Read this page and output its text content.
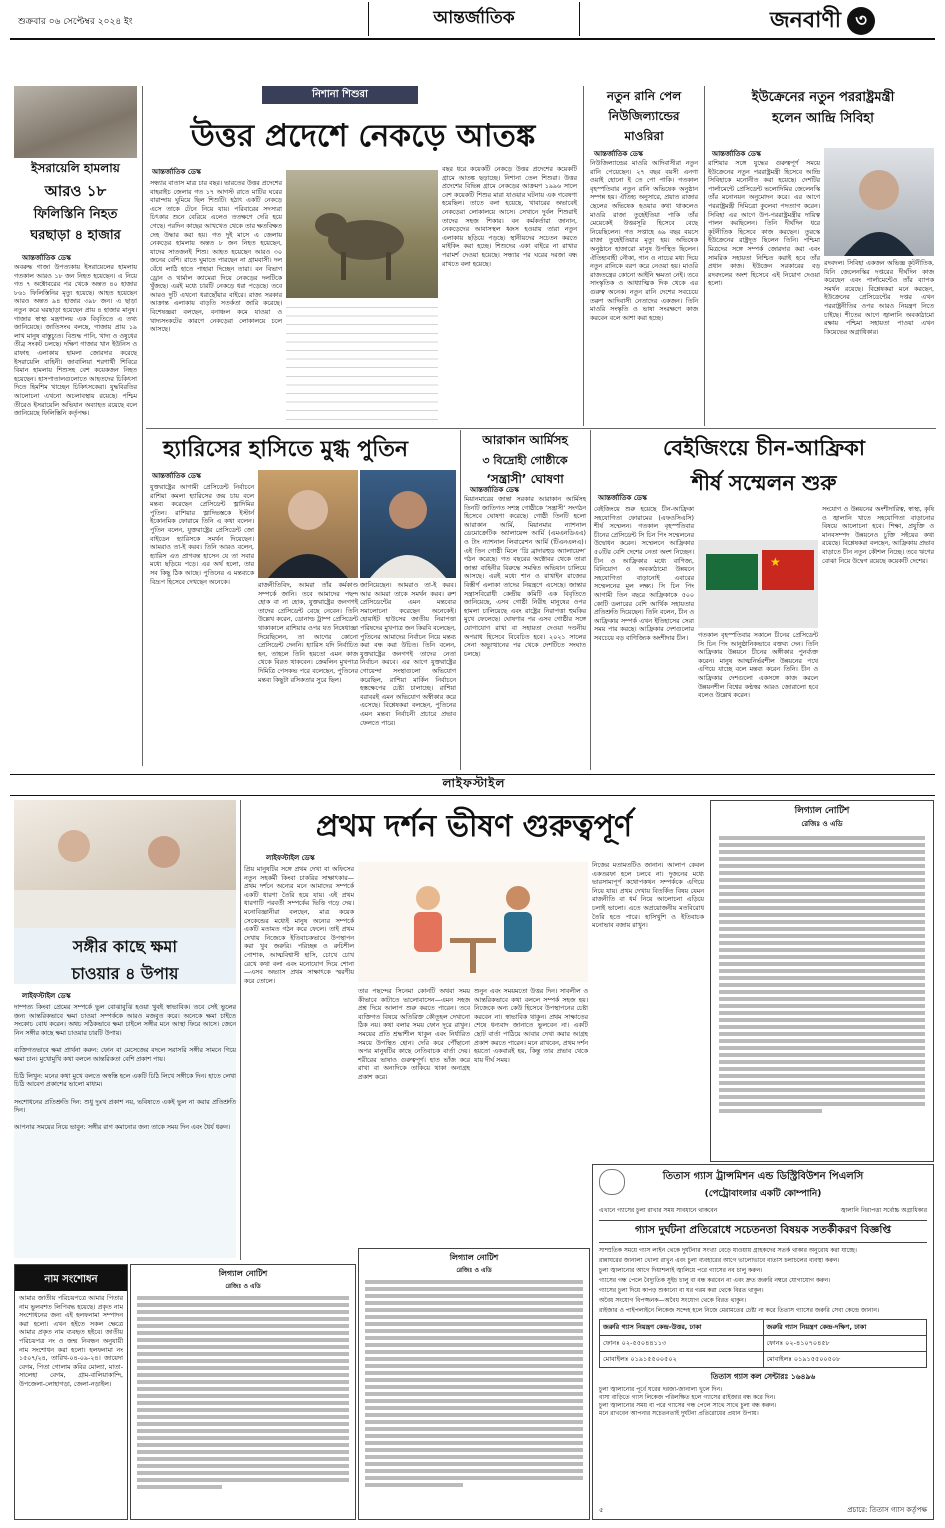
শুক্রবার ০৬ সেপ্টেম্বর ২০২৪ ইং	আন্তর্জাতিক	জনবাণী ৩
ইসরায়েলি হামলায়
আরও ১৮
ফিলিস্তিনি নিহত
ঘরছাড়া ৪ হাজার
আন্তর্জাতিক ডেস্ক
অবরুদ্ধ গাজা উপত্যকায় ইসরায়েলের হামলায় গতকাল আরও ১৮ জন নিহত হয়েছেন। এ নিয়ে গত ৭ অক্টোবরের পর থেকে অন্তত ৪০ হাজার ৮৬১ ফিলিস্তিনির মৃত্যু হয়েছে। আহত হয়েছেন আরও অন্তত ৯৪ হাজার ৩৯৮ জন। এ ছাড়া নতুন করে ঘরছাড়া হয়েছেন প্রায় ৪ হাজার মানুষ। গাজার স্বাস্থ্য মন্ত্রণালয় এক বিবৃতিতে এ তথ্য জানিয়েছে। জাতিসংঘ বলছে, গাজায় প্রায় ১৯ লাখ মানুষ বাস্তুচ্যুত। বিশুদ্ধ পানি, খাদ্য ও ওষুধের তীব্র সংকট চলছে। দক্ষিণ গাজার খান ইউনিস ও রাফাহ এলাকায় হামলা জোরদার করেছে ইসরায়েলি বাহিনী। জাবালিয়া শরণার্থী শিবিরে বিমান হামলায় শিশুসহ বেশ কয়েকজন নিহত হয়েছেন। হাসপাতালগুলোতে আহতদের চিকিৎসা দিতে হিমশিম খাচ্ছেন চিকিৎসকেরা। যুদ্ধবিরতির আলোচনা এখনো অচলাবস্থায় রয়েছে। পশ্চিম তীরেও ইসরায়েলি অভিযান অব্যাহত রয়েছে বলে জানিয়েছে ফিলিস্তিনি কর্তৃপক্ষ।
নিশানা শিশুরা
উত্তর প্রদেশে নেকড়ে আতঙ্ক
আন্তর্জাতিক ডেস্ক
সন্ধ্যার বাতাস মাত্র চার বছর। ভারতের উত্তর প্রদেশের বাহরাইচ জেলার গত ১৭ আগস্ট রাতে মাটির ঘরের বারান্দায় ঘুমিয়ে ছিল শিশুটি। হঠাৎ একটি নেকড়ে এসে তাকে টেনে নিয়ে যায়। পরিবারের সদস্যরা চিৎকার শুনে বেরিয়ে এলেও ততক্ষণে দেরি হয়ে গেছে। পরদিন কাছের আখখেত থেকে তার ক্ষতবিক্ষত দেহ উদ্ধার করা হয়। গত দুই মাসে এ জেলায় নেকড়ের হামলায় অন্তত ৮ জন নিহত হয়েছেন, যাদের সাতজনই শিশু। আহত হয়েছেন আরও ৩০ জনের বেশি। রাতে ঘুমাতে পারছেন না গ্রামবাসী। দল বেঁধে লাঠি হাতে পাহারা দিচ্ছেন তারা। বন বিভাগ ড্রোন ও থার্মাল ক্যামেরা দিয়ে নেকড়ের দলটিকে খুঁজছে। এরই মধ্যে চারটি নেকড়ে ধরা পড়েছে। তবে আরও দুটি এখনো ধরাছোঁয়ার বাইরে। রাজ্য সরকার আক্রান্ত এলাকায় বাড়তি সতর্কতা জারি করেছে। বিশেষজ্ঞরা বলছেন, বনাঞ্চল কমে যাওয়া ও খাদ্যসংকটের কারণে নেকড়েরা লোকালয়ে চলে আসছে।
বছর ধরে কয়েকটি নেকড়ে উত্তর প্রদেশের কয়েকটি গ্রামে আতঙ্ক ছড়াচ্ছে। নিশানা তেল শিশুরা। উত্তর প্রদেশের বিভিন্ন গ্রামে নেকড়ের আক্রমণ ১৯৯৬ সালে বেশ কয়েকটি শিশুর মারা যাওয়ার ঘটনায় এক গবেষণা হয়েছিল। তাতে বলা হয়েছে, খাবারের অভাবেই নেকড়েরা লোকালয়ে আসে। সেখানে দুর্বল শিশুরাই তাদের সহজ শিকার। বন কর্মকর্তারা জানান, নেকড়েদের আবাসস্থল ধ্বংস হওয়ায় তারা নতুন এলাকায় ছড়িয়ে পড়ছে। স্থানীয়দের সচেতন করতে মাইকিং করা হচ্ছে। শিশুদের একা বাইরে না রাখার পরামর্শ দেওয়া হয়েছে। সন্ধ্যার পর ঘরের দরজা বন্ধ রাখতে বলা হয়েছে।
নতুন রানি পেল
নিউজিল্যান্ডের
মাওরিরা
আন্তর্জাতিক ডেস্ক
নিউজিল্যান্ডের মাওরি আদিবাসীরা নতুন রানি পেয়েছেন। ২৭ বছর বয়সী এনগা ওয়াই হোনো ই তে পো পাকি। গতকাল বৃহস্পতিবার নতুন রানি অভিষেক অনুষ্ঠান সম্পন্ন হয়। ঐতিহ্য অনুসারে, প্রয়াত রাজার ছেলের অভিষেক হওয়ার কথা থাকলেও মাওরি রাজা তুহেইতিয়া পাকি তাঁর মেয়েকেই উত্তরসূরি হিসেবে বেছে নিয়েছিলেন। গত সপ্তাহে ৬৯ বছর বয়সে রাজা তুহেইতিয়ার মৃত্যু হয়। অভিষেক অনুষ্ঠানে হাজারো মানুষ উপস্থিত ছিলেন। ঐতিহ্যবাহী নৌকা, গান ও নাচের মধ্য দিয়ে নতুন রানিকে বরণ করে নেওয়া হয়। মাওরি রাজতন্ত্রের কোনো আইনি ক্ষমতা নেই। তবে সাংস্কৃতিক ও আধ্যাত্মিক দিক থেকে এর গুরুত্ব অনেক। নতুন রানি দেশের সবচেয়ে তরুণ আদিবাসী নেতাদের একজন। তিনি মাওরি সংস্কৃতি ও ভাষা সংরক্ষণে কাজ করবেন বলে আশা করা হচ্ছে।
ইউক্রেনের নতুন পররাষ্ট্রমন্ত্রী
হলেন আন্দ্রি সিবিহা
আন্তর্জাতিক ডেস্ক
রাশিয়ার সঙ্গে যুদ্ধের গুরুত্বপূর্ণ সময়ে ইউক্রেনের নতুন পররাষ্ট্রমন্ত্রী হিসেবে আন্দ্রি সিবিহাকে মনোনীত করা হয়েছে। দেশটির পার্লামেন্টে প্রেসিডেন্ট ভলোদিমির জেলেনস্কি তাঁর মনোনয়ন অনুমোদন করে। এর আগে পররাষ্ট্রমন্ত্রী দিমিত্রো কুলেবা পদত্যাগ করেন। সিবিহা এর আগে উপ-পররাষ্ট্রমন্ত্রীর দায়িত্ব পালন করছিলেন। তিনি দীর্ঘদিন ধরে কূটনীতিক হিসেবে কাজ করছেন। তুরস্কে ইউক্রেনের রাষ্ট্রদূত ছিলেন তিনি। পশ্চিমা মিত্রদের সঙ্গে সম্পর্ক জোরদার করা এবং সামরিক সহায়তা নিশ্চিত করাই হবে তাঁর প্রধান কাজ। ইউক্রেন সরকারের বড় রদবদলের অংশ হিসেবে এই নিয়োগ দেওয়া হলো।
রদবদল। সিবিহা একজন অভিজ্ঞ কূটনীতিক, যিনি জেলেনস্কির দপ্তরের দীর্ঘদিন কাজ করেছেন এবং পার্লামেন্টেও তাঁর ব্যাপক সমর্থন রয়েছে। বিশ্লেষকরা মনে করছেন, ইউক্রেনের প্রেসিডেন্টের দপ্তর এখন পররাষ্ট্রনীতির ওপর আরও নিয়ন্ত্রণ নিতে চাইছে। শীতের আগে জ্বালানি অবকাঠামো রক্ষায় পশ্চিমা সহায়তা পাওয়া এখন কিয়েভের অগ্রাধিকার।
হ্যারিসের হাসিতে মুগ্ধ পুতিন
আন্তর্জাতিক ডেস্ক
যুক্তরাষ্ট্রের আগামী প্রেসিডেন্ট নির্বাচনে রাশিয়া কমলা হ্যারিসের জয় চায় বলে মন্তব্য করেছেন প্রেসিডেন্ট ভ্লাদিমির পুতিন। রাশিয়ার ভ্লাদিভস্তকে ইস্টার্ন ইকোনমিক ফোরামে তিনি এ কথা বলেন। পুতিন বলেন, যুক্তরাষ্ট্রের প্রেসিডেন্ট জো বাইডেন হ্যারিসকে সমর্থন দিয়েছেন। আমরাও তা-ই করব। তিনি আরও বলেন, হ্যারিস এত প্রাণবন্ত হাসেন যে তা সবার মধ্যে ছড়িয়ে পড়ে। এর অর্থ হলো, তার সব কিছু ঠিক আছে। পুতিনের এ মন্তব্যকে বিদ্রূপ হিসেবে দেখছেন অনেকে।	রাজনীতিবিদ, আমরা তাঁর কর্মকাণ্ড সম্পর্কে জানি। তবে আমাদের পছন্দ হোক বা না হোক, যুক্তরাষ্ট্রের জনগণই তাদের প্রেসিডেন্ট বেছে নেবেন। তিনি উল্লেখ করেন, ডোনাল্ড ট্রাম্প প্রেসিডেন্ট থাকাকালে রাশিয়ার ওপর যত নিষেধাজ্ঞা দিয়েছিলেন, তা আগের কোনো প্রেসিডেন্ট দেননি। হ্যারিস যদি নির্বাচিত হন, তাহলে তিনি হয়তো এমন কাজ থেকে বিরত থাকবেন। ক্রেমলিন মুখপাত্র দিমিত্রি পেসকভ পরে বলেছেন, পুতিনের মন্তব্য কিছুটা রসিকতার সুরে ছিল।
জানিয়েছেন। আমরাও তা-ই করব। আর আমরা তাকে সমর্থন করব। রুশ প্রেসিডেন্টের এমন মন্তব্যের সমালোচনা করেছেন অনেকেই। হোয়াইট হাউসের জাতীয় নিরাপত্তা পরিষদের মুখপাত্র জন কিরবি বলেছেন, পুতিনের আমাদের নির্বাচন নিয়ে মন্তব্য করা বন্ধ করা উচিত। তিনি বলেন, যুক্তরাষ্ট্রের জনগণই তাদের নেতা নির্বাচন করবে। এর আগে যুক্তরাষ্ট্রের গোয়েন্দা সংস্থাগুলো অভিযোগ করেছিল, রাশিয়া মার্কিন নির্বাচনে হস্তক্ষেপের চেষ্টা চালাচ্ছে। রাশিয়া বরাবরই এমন অভিযোগ অস্বীকার করে এসেছে। বিশ্লেষকরা বলছেন, পুতিনের এমন মন্তব্য নির্বাচনী প্রচারে প্রভাব ফেলতে পারে।
আরাকান আর্মিসহ
৩ বিদ্রোহী গোষ্ঠীকে
‘সন্ত্রাসী’ ঘোষণা
আন্তর্জাতিক ডেস্ক
মিয়ানমারের জান্তা সরকার আরাকান আর্মিসহ তিনটি জাতিগত সশস্ত্র গোষ্ঠীকে ‘সন্ত্রাসী’ সংগঠন হিসেবে ঘোষণা করেছে। গোষ্ঠী তিনটি হলো আরাকান আর্মি, মিয়ানমার ন্যাশনাল ডেমোক্রেটিক অ্যালায়েন্স আর্মি (এমএনডিএএ) ও টাং ন্যাশনাল লিবারেশন আর্মি (টিএনএলএ)। এই তিন গোষ্ঠী মিলে ‘থ্রি ব্রাদারহুড অ্যালায়েন্স’ গঠন করেছে। গত বছরের অক্টোবর থেকে তারা জান্তা বাহিনীর বিরুদ্ধে সমন্বিত অভিযান চালিয়ে আসছে। এরই মধ্যে শান ও রাখাইন রাজ্যের বিস্তীর্ণ এলাকা তাদের নিয়ন্ত্রণে এসেছে। জান্তার সন্ত্রাসবিরোধী কেন্দ্রীয় কমিটি এক বিবৃতিতে জানিয়েছে, এসব গোষ্ঠী নিরীহ মানুষের ওপর হামলা চালিয়েছে এবং রাষ্ট্রের নিরাপত্তা হুমকির মুখে ফেলেছে। ঘোষণার পর এসব গোষ্ঠীর সঙ্গে যোগাযোগ রাখা বা সহায়তা দেওয়া দণ্ডনীয় অপরাধ হিসেবে বিবেচিত হবে। ২০২১ সালের সেনা অভ্যুত্থানের পর থেকে দেশটিতে সংঘাত চলছে।
বেইজিংয়ে চীন-আফ্রিকা
শীর্ষ সম্মেলন শুরু
আন্তর্জাতিক ডেস্ক
বেইজিংয়ে শুরু হয়েছে চীন-আফ্রিকা সহযোগিতা ফোরামের (এফওসিএসি) শীর্ষ সম্মেলন। গতকাল বৃহস্পতিবার চীনের প্রেসিডেন্ট সি চিন পিং সম্মেলনের উদ্বোধন করেন। সম্মেলনে আফ্রিকার ৫০টির বেশি দেশের নেতা অংশ নিচ্ছেন। চীন ও আফ্রিকার মধ্যে বাণিজ্য, বিনিয়োগ ও অবকাঠামো উন্নয়নে সহযোগিতা বাড়ানোই এবারের সম্মেলনের মূল লক্ষ্য। সি চিন পিং আগামী তিন বছরে আফ্রিকাকে ৫০০ কোটি ডলারের বেশি আর্থিক সহায়তার প্রতিশ্রুতি দিয়েছেন। তিনি বলেন, চীন ও আফ্রিকার সম্পর্ক এখন ইতিহাসের সেরা সময় পার করছে। আফ্রিকার দেশগুলোর সবচেয়ে বড় বাণিজ্যিক অংশীদার চীন।
★
গতকাল বৃহস্পতিবার সকালে চীনের প্রেসিডেন্ট সি চিন পিং আনুষ্ঠানিকভাবে বক্তব্য দেন। তিনি আফ্রিকার উন্নয়নে চীনের অঙ্গীকার পুনর্ব্যক্ত করেন। মানুষ আত্মনির্ভরশীল উন্নয়নের পথে এগিয়ে যাচ্ছে বলে মন্তব্য করেন তিনি। চীন ও আফ্রিকার দেশগুলো একসঙ্গে কাজ করলে উন্নয়নশীল বিশ্বের কণ্ঠস্বর আরও জোরালো হবে বলেও উল্লেখ করেন।
সংযোগ ও উন্নয়নের অংশীদারিত্ব, স্বাস্থ্য, কৃষি ও জ্বালানি খাতে সহযোগিতা বাড়ানোর বিষয়ে আলোচনা হবে। শিক্ষা, প্রযুক্তি ও মানবসম্পদ উন্নয়নেও চুক্তি সইয়ের কথা রয়েছে। বিশ্লেষকরা বলছেন, আফ্রিকায় প্রভাব বাড়াতে চীন নতুন কৌশল নিচ্ছে। তবে ঋণের বোঝা নিয়ে উদ্বেগ রয়েছে কয়েকটি দেশের।
লাইফস্টাইল
সঙ্গীর কাছে ক্ষমা
চাওয়ার ৪ উপায়
লাইফস্টাইল ডেস্ক
দাম্পত্য কিংবা প্রেমের সম্পর্কে ভুল বোঝাবুঝি হওয়া খুবই স্বাভাবিক। তবে সেই ভুলের জন্য আন্তরিকভাবে ক্ষমা চাওয়া সম্পর্ককে আরও মজবুত করে। অনেকে ক্ষমা চাইতে সংকোচ বোধ করেন। অথচ সঠিকভাবে ক্ষমা চাইলে সঙ্গীর মনে আস্থা ফিরে আসে। জেনে নিন সঙ্গীর কাছে ক্ষমা চাওয়ার চারটি উপায়।

ব্যক্তিগতভাবে ক্ষমা প্রার্থনা করুন: ফোন বা মেসেজের বদলে সরাসরি সঙ্গীর সামনে গিয়ে ক্ষমা চান। মুখোমুখি কথা বললে আন্তরিকতা বেশি প্রকাশ পায়।

চিঠি লিখুন: মনের কথা মুখে বলতে অস্বস্তি হলে একটি চিঠি লিখে সঙ্গীকে দিন। হাতে লেখা চিঠি আবেগ প্রকাশের ভালো মাধ্যম।

সংশোধনের প্রতিশ্রুতি দিন: শুধু দুঃখ প্রকাশ নয়, ভবিষ্যতে একই ভুল না করার প্রতিশ্রুতি দিন।

আপনার সময়ের নিয়ে ভাবুন: সঙ্গীর রাগ কমানোর জন্য তাকে সময় দিন এবং ধৈর্য ধরুন।
প্রথম দর্শন ভীষণ গুরুত্বপূর্ণ
লাইফস্টাইল ডেস্ক
প্রিয় মানুষটির সঙ্গে প্রথম দেখা বা অফিসের নতুন সহকর্মী কিংবা চাকরির সাক্ষাৎকার—প্রথম দর্শনে অন্যের মনে আমাদের সম্পর্কে একটি ধারণা তৈরি হয়ে যায়। এই প্রথম ধারণাটি পরবর্তী সম্পর্কের ভিত্তি গড়ে দেয়। মনোবিজ্ঞানীরা বলছেন, মাত্র কয়েক সেকেন্ডের মধ্যেই মানুষ অন্যের সম্পর্কে একটি মতামত গঠন করে ফেলে। তাই প্রথম দেখায় নিজেকে ইতিবাচকভাবে উপস্থাপন করা খুব জরুরি। পরিচ্ছন্ন ও রুচিশীল পোশাক, আত্মবিশ্বাসী হাসি, চোখে চোখ রেখে কথা বলা এবং মনোযোগ দিয়ে শোনা—এসব অভ্যাস প্রথম সাক্ষাৎকে স্মরণীয় করে তোলে।
তার পছন্দের সিনেমা কোনটি অথবা সময় কীভাবে কাটাতে ভালোবাসেন—এমন সহজ প্রশ্ন দিয়ে আলাপ শুরু করতে পারেন। তবে ব্যক্তিগত বিষয়ে অতিরিক্ত কৌতূহল দেখানো ঠিক নয়। কথা বলার সময় ফোন দূরে রাখুন। সময়ের প্রতি শ্রদ্ধাশীল থাকুন এবং নির্ধারিত সময়ে উপস্থিত হোন। দেরি করে পৌঁছানো অপর মানুষটির কাছে নেতিবাচক বার্তা দেয়। শরীরের ভাষাও গুরুত্বপূর্ণ। হাত ভাঁজ করে রাখা বা অন্যদিকে তাকিয়ে থাকা অনাগ্রহ প্রকাশ করে।
শুনুন এবং সময়মতো উত্তর দিন। সাবলীল ও আন্তরিকভাবে কথা বললে সম্পর্ক সহজ হয়। নিজেকে অন্য কেউ হিসেবে উপস্থাপনের চেষ্টা করবেন না। স্বাভাবিক থাকুন। প্রথম সাক্ষাতের শেষে ধন্যবাদ জানাতে ভুলবেন না। একটি ছোট বার্তা পাঠিয়ে আবার দেখা করার আগ্রহ প্রকাশ করতে পারেন। মনে রাখবেন, প্রথম দর্শন হয়তো একবারই হয়, কিন্তু তার প্রভাব থেকে যায় দীর্ঘ সময়।
নিজের মতামতটিও জানান। আলাপ কেবল একতরফা হলে চলবে না। দুজনের মধ্যে ভারসাম্যপূর্ণ কথোপকথন সম্পর্ককে এগিয়ে নিয়ে যায়। প্রথম দেখায় বিতর্কিত বিষয় যেমন রাজনীতি বা ধর্ম নিয়ে আলোচনা এড়িয়ে চলাই ভালো। এতে অপ্রয়োজনীয় মতবিরোধ তৈরি হতে পারে। হাসিখুশি ও ইতিবাচক মনোভাব বজায় রাখুন।
লিগ্যাল নোটিশ
রেজিঃ ও এডি
তিতাস গ্যাস ট্রান্সমিশন এন্ড ডিস্ট্রিবিউশন পিএলসি
(পেট্রোবাংলার একটি কোম্পানি)
এখানে গ্যাসের চুলা রাখার সময় সাবধানে থাকবেন	জ্বালানি নিরাপত্তা সর্বোচ্চ অগ্রাধিকার
গ্যাস দুর্ঘটনা প্রতিরোধে সচেতনতা বিষয়ক সতর্কীকরণ বিজ্ঞপ্তি
সাম্প্রতিক সময়ে গ্যাস লাইন থেকে দুর্ঘটনার সংখ্যা বেড়ে যাওয়ায় গ্রাহকদের সতর্ক থাকার অনুরোধ করা যাচ্ছে।
রান্নাঘরের জানালা খোলা রাখুন এবং চুলা ব্যবহারের আগে ভালোভাবে বাতাস চলাচলের ব্যবস্থা করুন।
চুলা জ্বালানোর আগে দিয়াশলাই জ্বালিয়ে পরে গ্যাসের নব চালু করুন।
গ্যাসের গন্ধ পেলে বৈদ্যুতিক সুইচ চালু বা বন্ধ করবেন না এবং দ্রুত জরুরি নম্বরে যোগাযোগ করুন।
গ্যাসের চুলা দিয়ে কাপড় শুকানো বা ঘর গরম করা থেকে বিরত থাকুন।
অবৈধ সংযোগ বিপজ্জনক—অবৈধ সংযোগ থেকে বিরত থাকুন।
রাইজার ও পাইপলাইনে লিকেজ সন্দেহ হলে নিজে মেরামতের চেষ্টা না করে তিতাস গ্যাসের জরুরি সেবা কেন্দ্রে জানান।
জরুরি গ্যাস নিয়ন্ত্রণ কেন্দ্র-উত্তর, ঢাকা	জরুরি গ্যাস নিয়ন্ত্রণ কেন্দ্র-দক্ষিণ, ঢাকা
ফোনঃ ০২-৫৫০৪৪১১৩	ফোনঃ ০২-৪১০৭০৪৫৮
মোবাইলঃ ০১৯১৫৫০০৫০২	মোবাইলঃ ০১৯১৫৫০০৫০৮
তিতাস গ্যাস কল সেন্টারঃ ১৬৪৯৬
চুলা জ্বালানোর পূর্বে ঘরের দরজা-জানালা খুলে দিন।
বাসা বাড়িতে গ্যাস লিকেজ পরিলক্ষিত হলে গ্যাসের রাইজার বন্ধ করে দিন।
চুলা জ্বালানোর সময় বা পরে গ্যাসের গন্ধ পেলে সাথে সাথে চুলা বন্ধ করুন।
মনে রাখবেন আপনার সচেতনতাই দুর্ঘটনা প্রতিরোধের প্রধান উপায়।
প্রচারে: তিতাস গ্যাস কর্তৃপক্ষ
৫
নাম সংশোধন
আমার জাতীয় পরিচয়পত্রে আমার পিতার নাম ভুলবশত লিপিবদ্ধ হয়েছে। প্রকৃত নাম সংশোধনের জন্য এই হলফনামা সম্পাদন করা হলো। এখন হইতে সকল ক্ষেত্রে আমার প্রকৃত নাম ব্যবহৃত হইবে। জাতীয় পরিচয়পত্র নং ও জন্ম নিবন্ধন অনুযায়ী নাম সংশোধন করা হলো। হলফনামা নং ১৫০৭/২৪, তারিখ-০৪-০৯-২৪। জায়েদা বেগম, পিতা গোলাম কবির মোল্যা, মাতা-সালেহা বেগম, গ্রাম-বালিয়াকান্দি, উপজেলা-লোহাগড়া, জেলা-নড়াইল।
লিগ্যাল নোটিশ
রেজিঃ ও এডি
লিগ্যাল নোটিশ
রেজিঃ ও এডি
